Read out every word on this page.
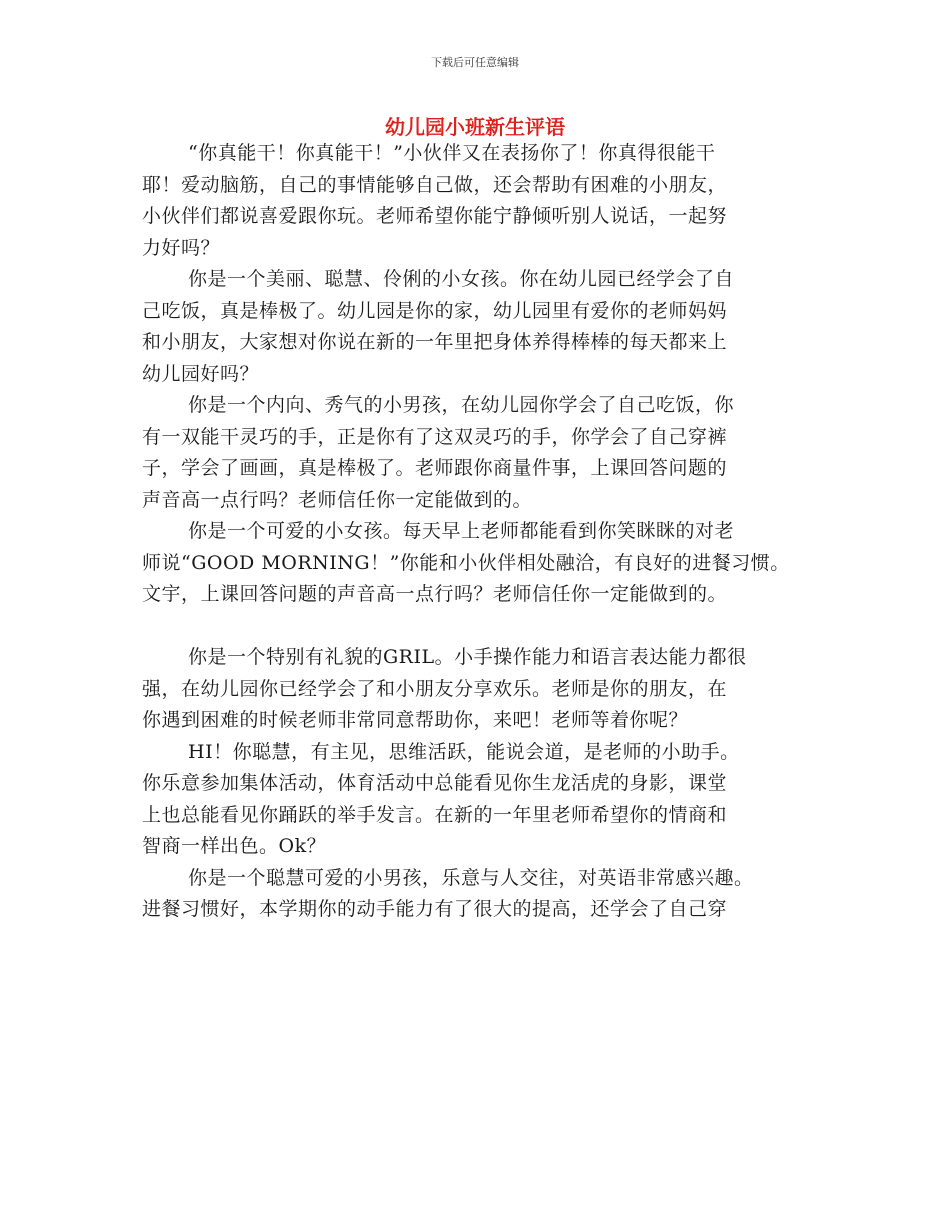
下载后可任意编辑
幼儿园小班新生评语

“你真能干！你真能干！”小伙伴又在表扬你了！你真得很能干
耶！爱动脑筋，自己的事情能够自己做，还会帮助有困难的小朋友，
小伙伴们都说喜爱跟你玩。老师希望你能宁静倾听别人说话，一起努
力好吗？

你是一个美丽、聪慧、伶俐的小女孩。你在幼儿园已经学会了自
己吃饭，真是棒极了。幼儿园是你的家，幼儿园里有爱你的老师妈妈
和小朋友，大家想对你说在新的一年里把身体养得棒棒的每天都来上
幼儿园好吗？

你是一个内向、秀气的小男孩，在幼儿园你学会了自己吃饭，你
有一双能干灵巧的手，正是你有了这双灵巧的手，你学会了自己穿裤
子，学会了画画，真是棒极了。老师跟你商量件事，上课回答问题的
声音高一点行吗？老师信任你一定能做到的。

你是一个可爱的小女孩。每天早上老师都能看到你笑眯眯的对老
师说“GOOD MORNING！”你能和小伙伴相处融洽，有良好的进餐习惯。
文宇，上课回答问题的声音高一点行吗？老师信任你一定能做到的。

你是一个特别有礼貌的GRIL。小手操作能力和语言表达能力都很
强，在幼儿园你已经学会了和小朋友分享欢乐。老师是你的朋友，在
你遇到困难的时候老师非常同意帮助你，来吧！老师等着你呢？

HI！你聪慧，有主见，思维活跃，能说会道，是老师的小助手。
你乐意参加集体活动，体育活动中总能看见你生龙活虎的身影，课堂
上也总能看见你踊跃的举手发言。在新的一年里老师希望你的情商和
智商一样出色。Ok？

你是一个聪慧可爱的小男孩，乐意与人交往，对英语非常感兴趣。
进餐习惯好，本学期你的动手能力有了很大的提高，还学会了自己穿
